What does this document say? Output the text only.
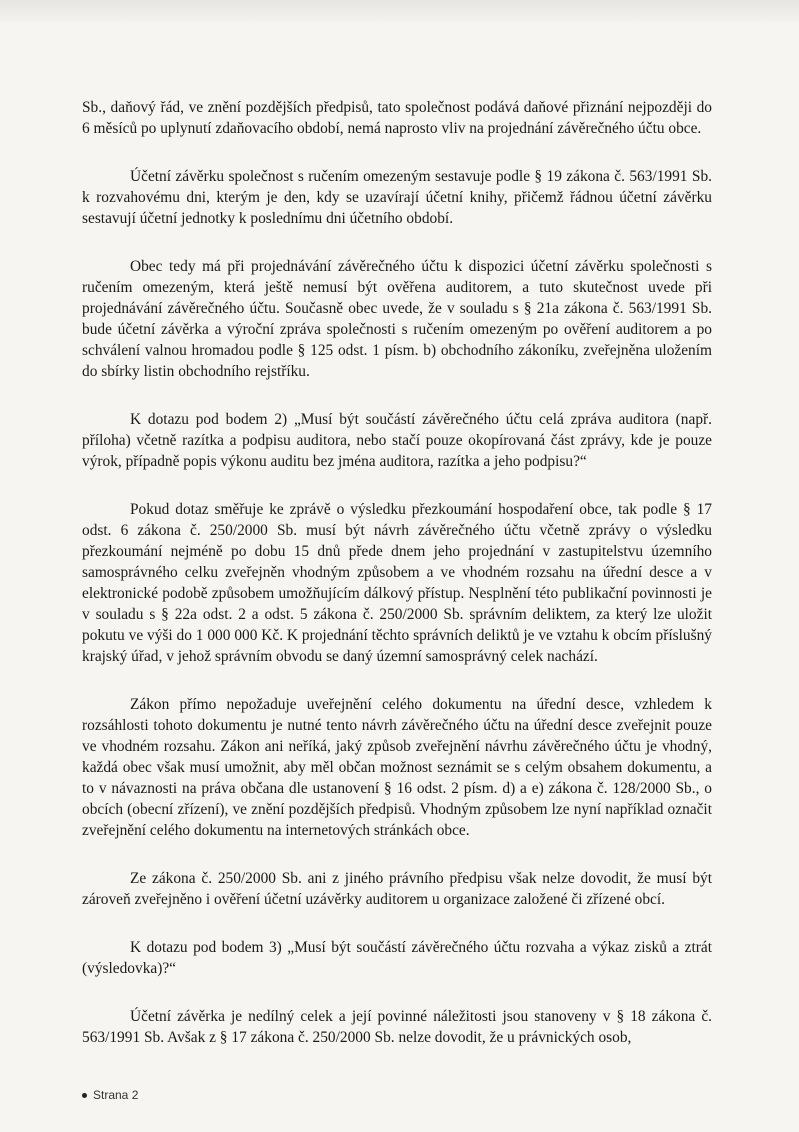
Sb., daňový řád, ve znění pozdějších předpisů, tato společnost podává daňové přiznání nejpozději do 6 měsíců po uplynutí zdaňovacího období, nemá naprosto vliv na projednání závěrečného účtu obce.

Účetní závěrku společnost s ručením omezeným sestavuje podle § 19 zákona č. 563/1991 Sb. k rozvahovému dni, kterým je den, kdy se uzavírají účetní knihy, přičemž řádnou účetní závěrku sestavují účetní jednotky k poslednímu dni účetního období.

Obec tedy má při projednávání závěrečného účtu k dispozici účetní závěrku společnosti s ručením omezeným, která ještě nemusí být ověřena auditorem, a tuto skutečnost uvede při projednávání závěrečného účtu. Současně obec uvede, že v souladu s § 21a zákona č. 563/1991 Sb. bude účetní závěrka a výroční zpráva společnosti s ručením omezeným po ověření auditorem a po schválení valnou hromadou podle § 125 odst. 1 písm. b) obchodního zákoníku, zveřejněna uložením do sbírky listin obchodního rejstříku.

K dotazu pod bodem 2) „Musí být součástí závěrečného účtu celá zpráva auditora (např. příloha) včetně razítka a podpisu auditora, nebo stačí pouze okopírovaná část zprávy, kde je pouze výrok, případně popis výkonu auditu bez jména auditora, razítka a jeho podpisu?“

Pokud dotaz směřuje ke zprávě o výsledku přezkoumání hospodaření obce, tak podle § 17 odst. 6 zákona č. 250/2000 Sb. musí být návrh závěrečného účtu včetně zprávy o výsledku přezkoumání nejméně po dobu 15 dnů přede dnem jeho projednání v zastupitelstvu územního samosprávného celku zveřejněn vhodným způsobem a ve vhodném rozsahu na úřední desce a v elektronické podobě způsobem umožňujícím dálkový přístup. Nesplnění této publikační povinnosti je v souladu s § 22a odst. 2 a odst. 5 zákona č. 250/2000 Sb. správním deliktem, za který lze uložit pokutu ve výši do 1 000 000 Kč. K projednání těchto správních deliktů je ve vztahu k obcím příslušný krajský úřad, v jehož správním obvodu se daný územní samosprávný celek nachází.

Zákon přímo nepožaduje uveřejnění celého dokumentu na úřední desce, vzhledem k rozsáhlosti tohoto dokumentu je nutné tento návrh závěrečného účtu na úřední desce zveřejnit pouze ve vhodném rozsahu. Zákon ani neříká, jaký způsob zveřejnění návrhu závěrečného účtu je vhodný, každá obec však musí umožnit, aby měl občan možnost seznámit se s celým obsahem dokumentu, a to v návaznosti na práva občana dle ustanovení § 16 odst. 2 písm. d) a e) zákona č. 128/2000 Sb., o obcích (obecní zřízení), ve znění pozdějších předpisů. Vhodným způsobem lze nyní například označit zveřejnění celého dokumentu na internetových stránkách obce.

Ze zákona č. 250/2000 Sb. ani z jiného právního předpisu však nelze dovodit, že musí být zároveň zveřejněno i ověření účetní uzávěrky auditorem u organizace založené či zřízené obcí.

K dotazu pod bodem 3) „Musí být součástí závěrečného účtu rozvaha a výkaz zisků a ztrát (výsledovka)?“

Účetní závěrka je nedílný celek a její povinné náležitosti jsou stanoveny v § 18 zákona č. 563/1991 Sb. Avšak z § 17 zákona č. 250/2000 Sb. nelze dovodit, že u právnických osob,

Strana 2
